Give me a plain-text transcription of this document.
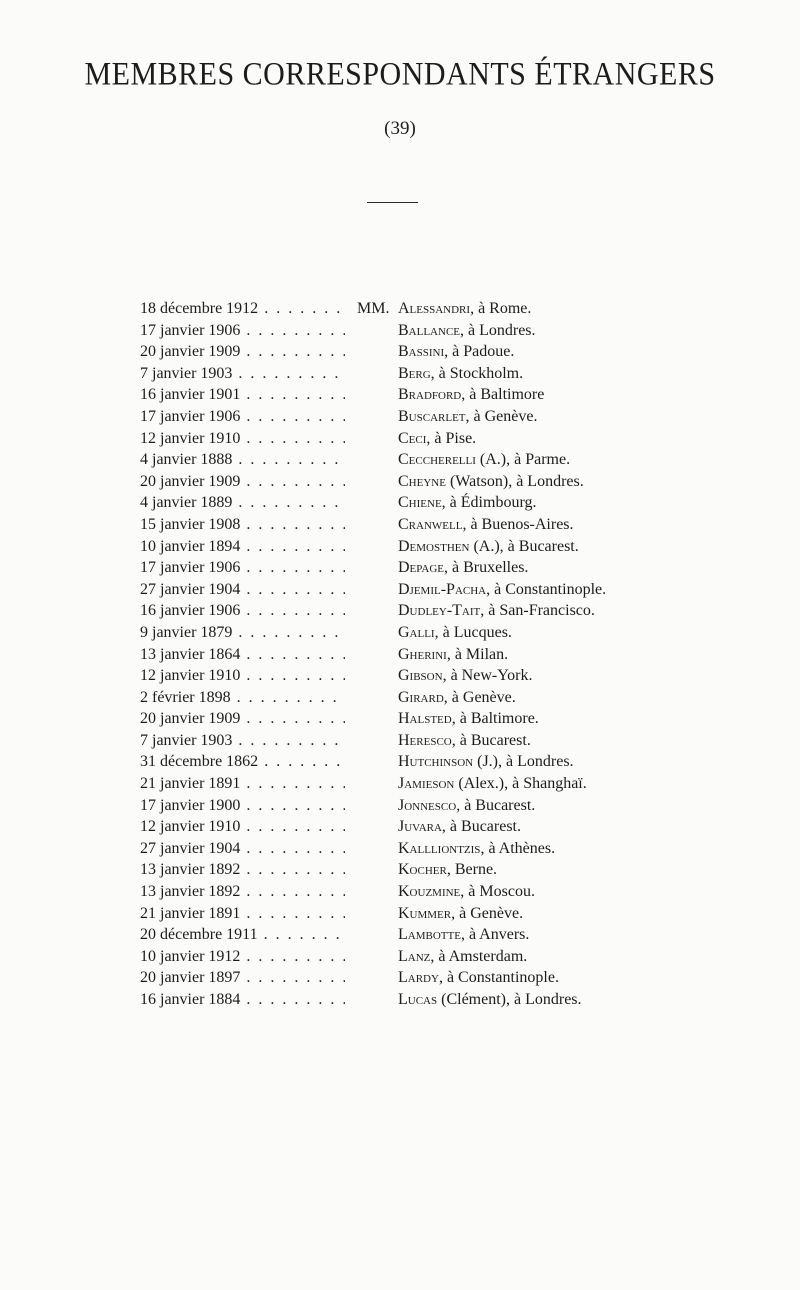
MEMBRES CORRESPONDANTS ÉTRANGERS
(39)
18 décembre 1912 . . .	MM. Alessandri, à Rome.
17 janvier 1906 . . .	Ballance, à Londres.
20 janvier 1909 . . .	Bassini, à Padoue.
7 janvier 1903 . . .	Berg, à Stockholm.
16 janvier 1901 . . .	Bradford, à Baltimore
17 janvier 1906 . . .	Buscarlet, à Genève.
12 janvier 1910 . . .	Ceci, à Pise.
4 janvier 1888 . . .	Ceccherelli (A.), à Parme.
20 janvier 1909 . . .	Cheyne (Watson), à Londres.
4 janvier 1889 . . .	Chiene, à Édimbourg.
15 janvier 1908 . . .	Cranwell, à Buenos-Aires.
10 janvier 1894 . . .	Demosthen (A.), à Bucarest.
17 janvier 1906 . . .	Depage, à Bruxelles.
27 janvier 1904 . . .	Djemil-Pacha, à Constantinople.
16 janvier 1906 . . .	Dudley-Tait, à San-Francisco.
9 janvier 1879 . . .	Galli, à Lucques.
13 janvier 1864 . . .	Gherini, à Milan.
12 janvier 1910 . . .	Gibson, à New-York.
2 février 1898 . . .	Girard, à Genève.
20 janvier 1909 . . .	Halsted, à Baltimore.
7 janvier 1903 . . .	Heresco, à Bucarest.
31 décembre 1862 . . .	Hutchinson (J.), à Londres.
21 janvier 1891 . . .	Jamieson (Alex.), à Shanghaï.
17 janvier 1900 . . .	Jonnesco, à Bucarest.
12 janvier 1910 . . .	Juvara, à Bucarest.
27 janvier 1904 . . .	Kallliontzis, à Athènes.
13 janvier 1892 . . .	Kocher, Berne.
13 janvier 1892 . . .	Kouzmine, à Moscou.
21 janvier 1891 . . .	Kummer, à Genève.
20 décembre 1911 . . .	Lambotte, à Anvers.
10 janvier 1912 . . .	Lanz, à Amsterdam.
20 janvier 1897 . . .	Lardy, à Constantinople.
16 janvier 1884 . . .	Lucas (Clément), à Londres.
